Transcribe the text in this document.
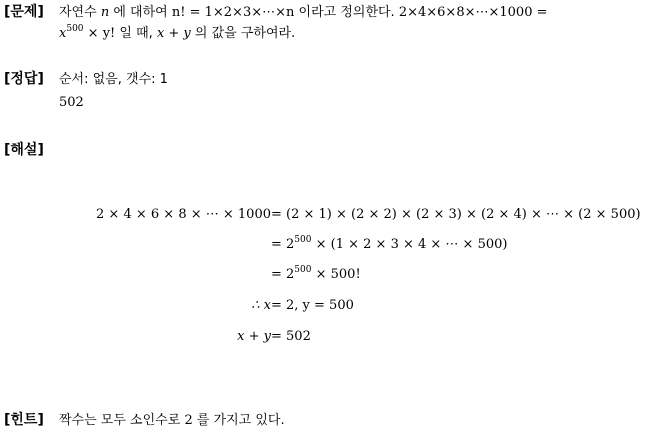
[문제] 자연수 n 에 대하여 n! = 1×2×3×⋯×n 이라고 정의한다. 2×4×6×8×⋯×1000 =
$x^{500} \times y$! 일 때, x + y 의 값을 구하여라.
[정답] 순서: 없음, 갯수: 1
502
[해설]
2 × 4 × 6 × 8 × ⋯ × 1000 = (2 × 1) × (2 × 2) × (2 × 3) × (2 × 4) × ⋯ × (2 × 500)
= $2^{500} \times (1 \times 2 \times 3 \times 4$ × ⋯ × 500)
= $2^{500} \times 500$!
∴ x = 2, y = 500
x + y = 502
[힌트] 짝수는 모두 소인수로 2 를 가지고 있다.
